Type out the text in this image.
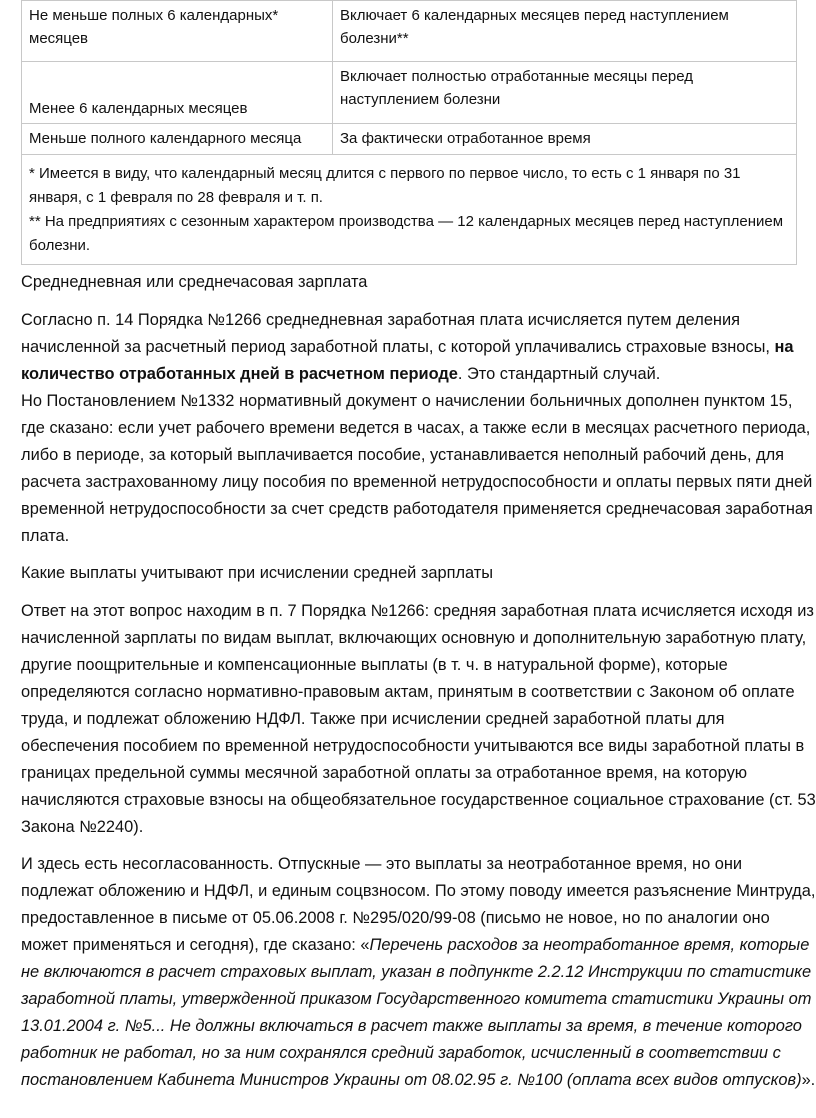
Не меньше полных 6 календарных* месяцев	Включает 6 календарных месяцев перед наступлением болезни**
Менее 6 календарных месяцев	Включает полностью отработанные месяцы перед наступлением болезни
Меньше полного календарного месяца	За фактически отработанное время

* Имеется в виду, что календарный месяц длится с первого по первое число, то есть с 1 января по 31 января, с 1 февраля по 28 февраля и т. п.
** На предприятиях с сезонным характером производства — 12 календарных месяцев перед наступлением болезни.	
Среднедневная или среднечасовая зарплата

Согласно п. 14 Порядка №1266 среднедневная заработная плата исчисляется путем деления начисленной за расчетный период заработной платы, с которой уплачивались страховые взносы, на количество отработанных дней в расчетном периоде. Это стандартный случай.

Но Постановлением №1332 нормативный документ о начислении больничных дополнен пунктом 15, где сказано: если учет рабочего времени ведется в часах, а также если в месяцах расчетного периода, либо в периоде, за который выплачивается пособие, устанавливается неполный рабочий день, для расчета застрахованному лицу пособия по временной нетрудоспособности и оплаты первых пяти дней временной нетрудоспособности за счет средств работодателя применяется среднечасовая заработная плата.

Какие выплаты учитывают при исчислении средней зарплаты

Ответ на этот вопрос находим в п. 7 Порядка №1266: средняя заработная плата исчисляется исходя из начисленной зарплаты по видам выплат, включающих основную и дополнительную заработную плату, другие поощрительные и компенсационные выплаты (в т. ч. в натуральной форме), которые определяются согласно нормативно-правовым актам, принятым в соответствии с Законом об оплате труда, и подлежат обложению НДФЛ. Также при исчислении средней заработной платы для обеспечения пособием по временной нетрудоспособности учитываются все виды заработной платы в границах предельной суммы месячной заработной оплаты за отработанное время, на которую начисляются страховые взносы на общеобязательное государственное социальное страхование (ст. 53 Закона №2240).

И здесь есть несогласованность. Отпускные — это выплаты за неотработанное время, но они подлежат обложению и НДФЛ, и единым соцвзносом. По этому поводу имеется разъяснение Минтруда, предоставленное в письме от 05.06.2008 г. №295/020/99-08 (письмо не новое, но по аналогии оно может применяться и сегодня), где сказано: «Перечень расходов за неотработанное время, которые не включаются в расчет страховых выплат, указан в подпункте 2.2.12 Инструкции по статистике заработной платы, утвержденной приказом Государственного комитета статистики Украины от 13.01.2004 г. №5... Не должны включаться в расчет также выплаты за время, в течение которого работник не работал, но за ним сохранялся средний заработок, исчисленный в соответствии с постановлением Кабинета Министров Украины от 08.02.95 г. №100 (оплата всех видов отпусков)».
